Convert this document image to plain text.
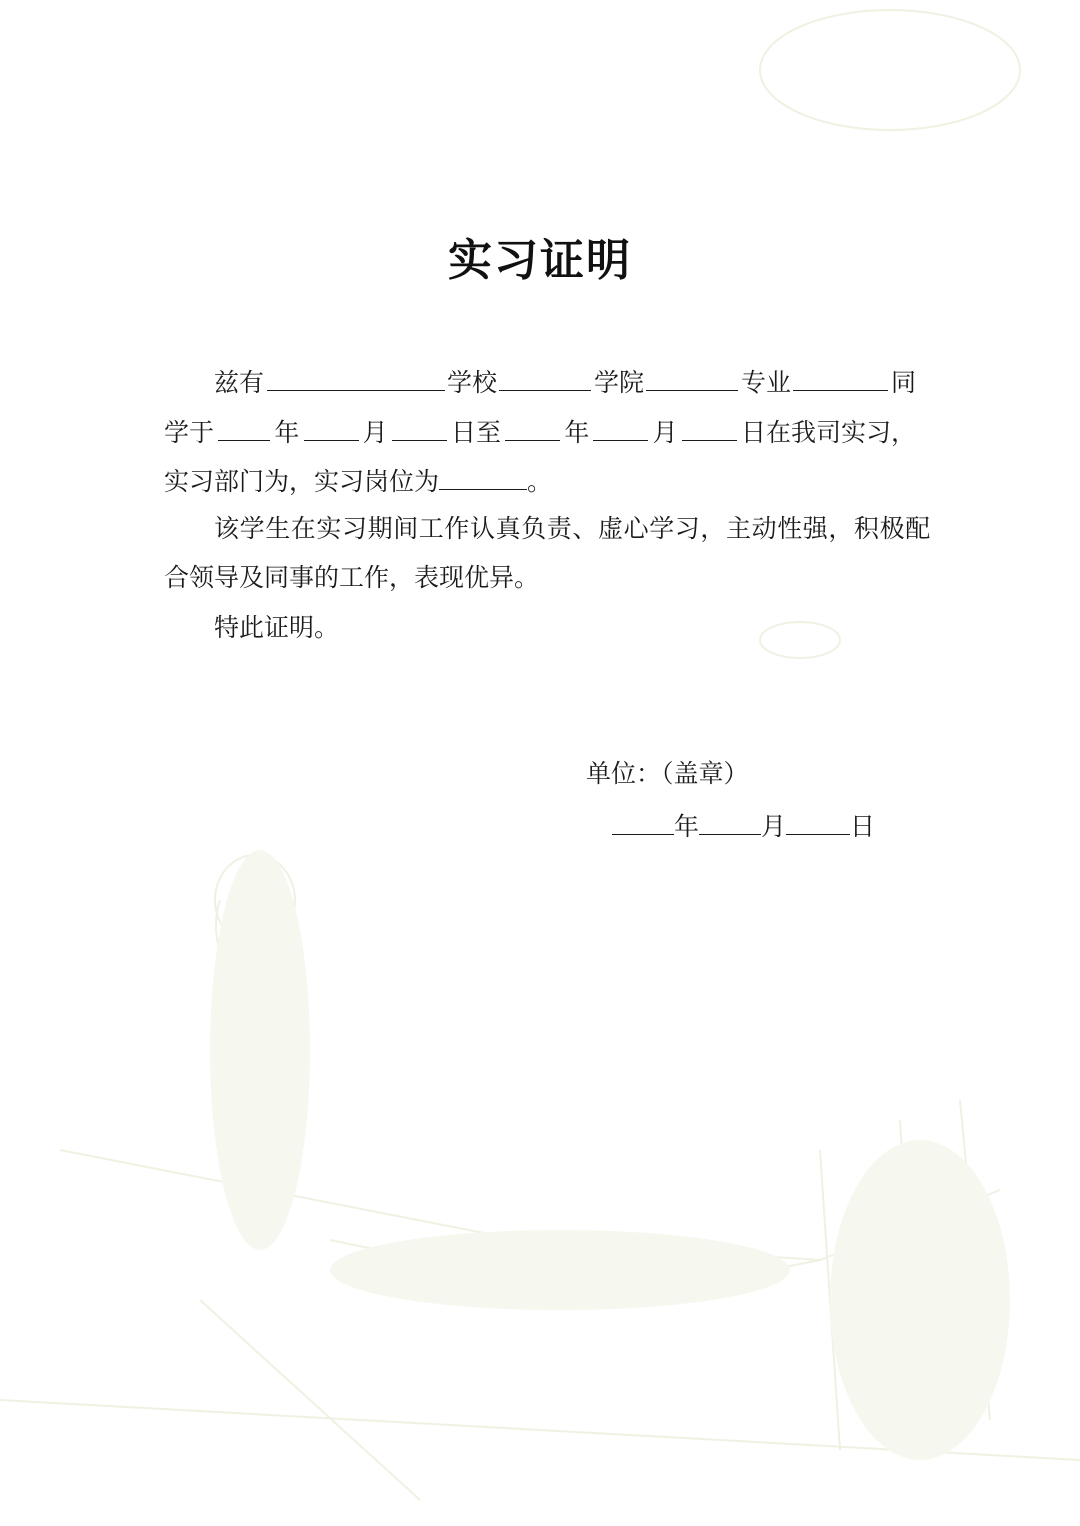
实习证明
兹有	学校	学院	专业	同
学于 年	月	日至	年	月	日在我司实习，
实习部门为，实习岗位为	。
该学生在实习期间工作认真负责、虚心学习，主动性强，积极配
合领导及同事的工作，表现优异。
特此证明。
单位：（盖章）
年 月	日
